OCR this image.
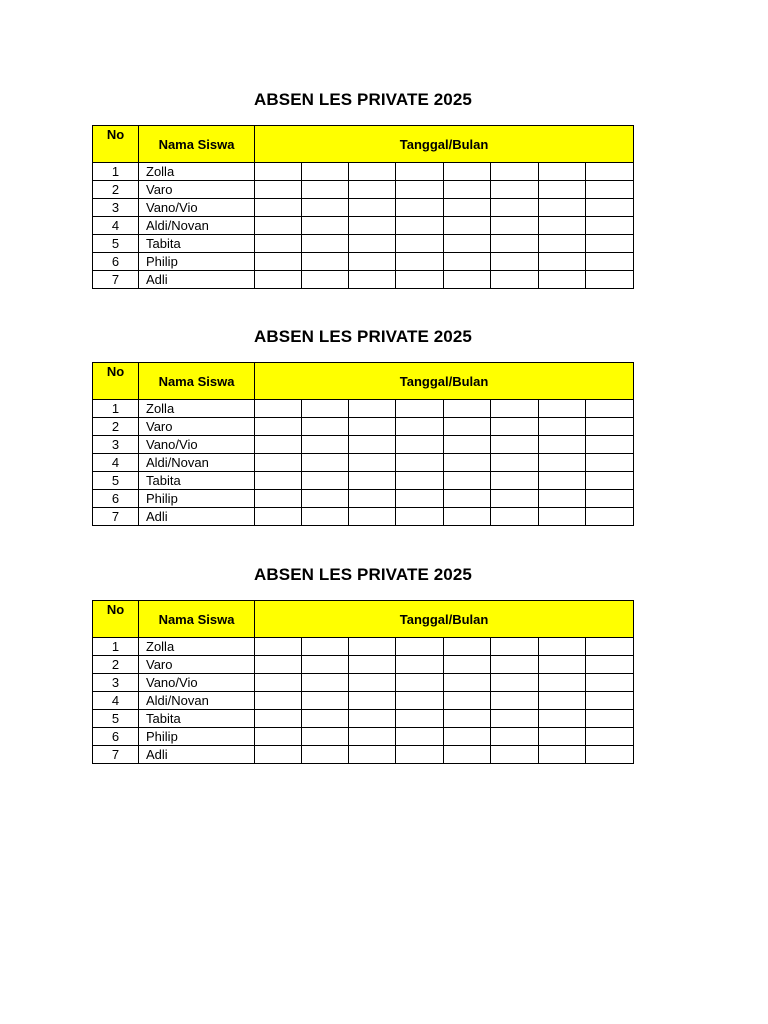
ABSEN LES PRIVATE 2025
No	Nama Siswa	Tanggal/Bulan							
1	Zolla								
2	Varo								
3	Vano/Vio								
4	Aldi/Novan								
5	Tabita								
6	Philip								
7	Adli								
ABSEN LES PRIVATE 2025
No	Nama Siswa	Tanggal/Bulan							
1	Zolla								
2	Varo								
3	Vano/Vio								
4	Aldi/Novan								
5	Tabita								
6	Philip								
7	Adli								
ABSEN LES PRIVATE 2025
No	Nama Siswa	Tanggal/Bulan							
1	Zolla								
2	Varo								
3	Vano/Vio								
4	Aldi/Novan								
5	Tabita								
6	Philip								
7	Adli								
